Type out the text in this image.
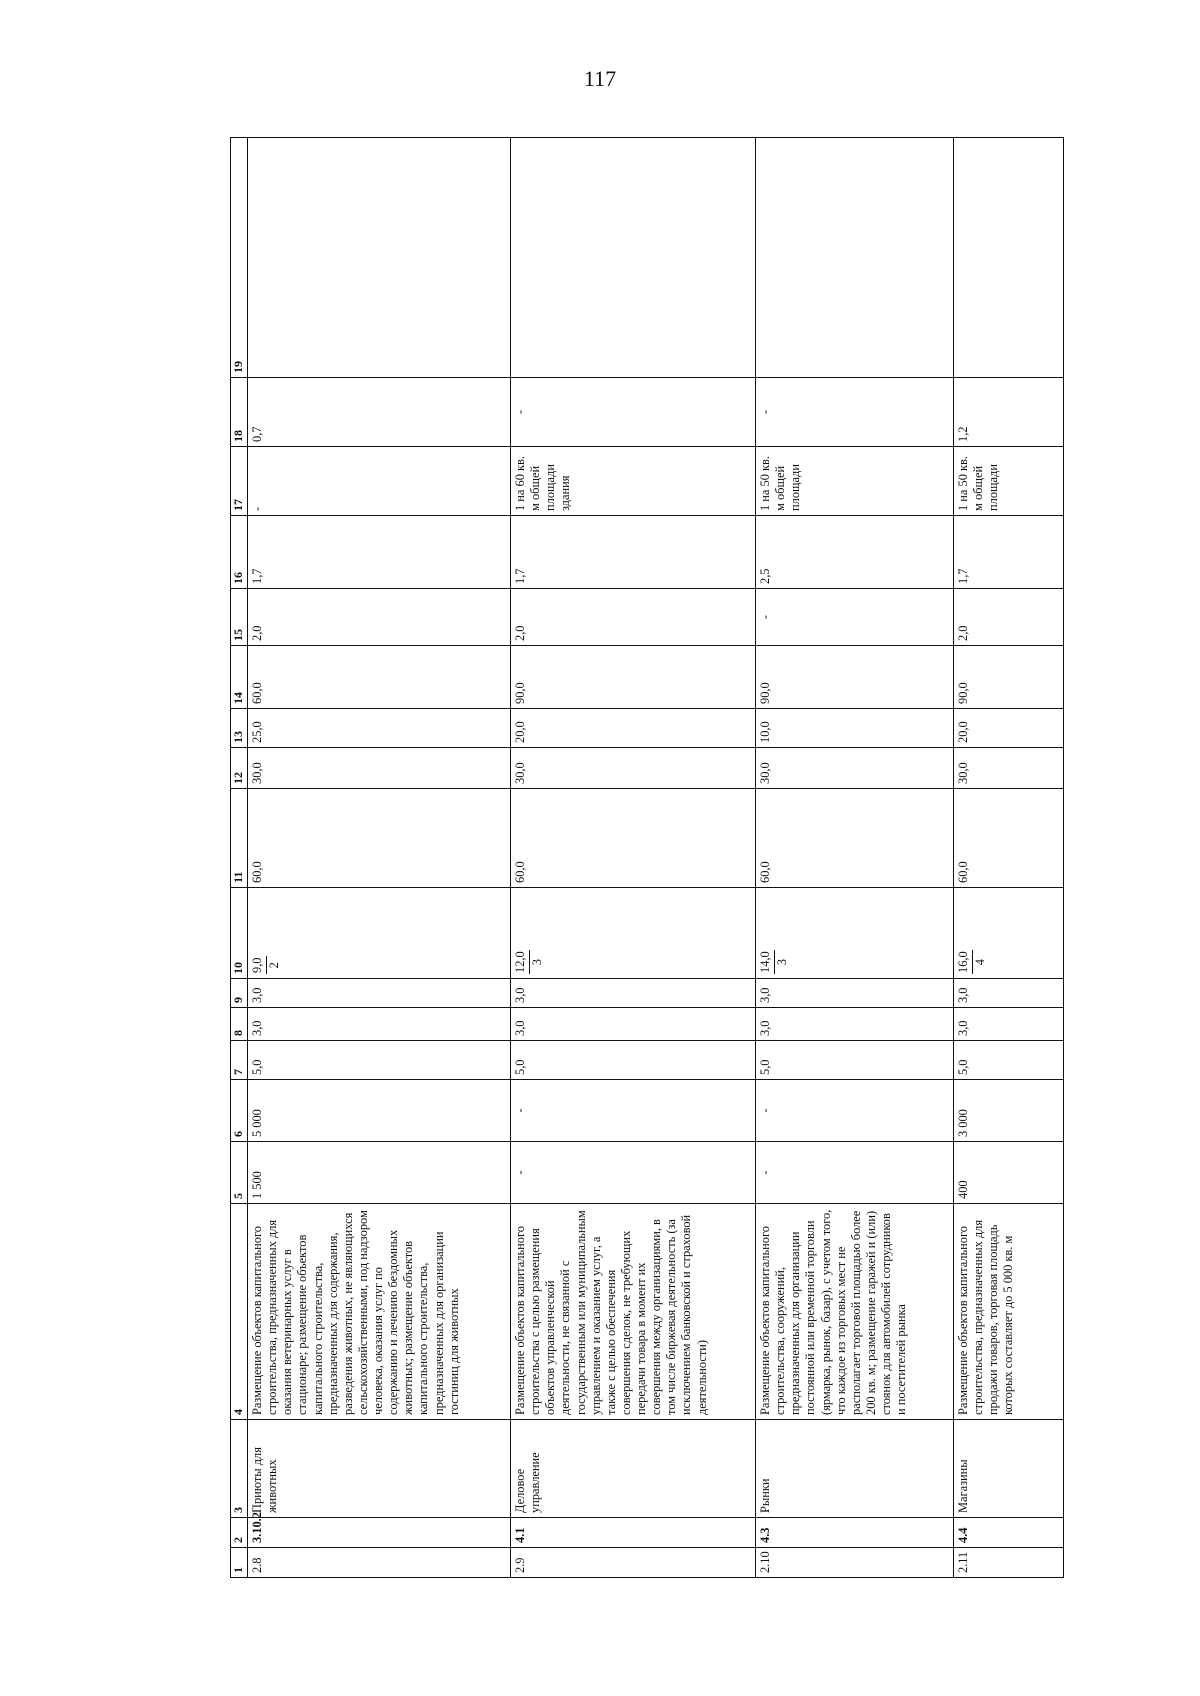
117
1	2	3	4	5	6	7	8	9	10	11	12	13	14	15	16	17	18	19
2.8	3.10.2	Приюты для животных	Размещение объектов капитального строительства, предназначенных для оказания ветеринарных услуг в стационаре; размещение объектов капитального строительства, предназначенных для содержания, разведения животных, не являющихся сельскохозяйственными, под надзором человека, оказания услуг по содержанию и лечению бездомных животных; размещение объектов капитального строительства, предназначенных для организации гостиниц для животных	1 500	5 000	5,0	3,0	3,0	9,0 2	60,0	30,0	25,0	60,0	2,0	1,7	-	0,7	
2.9	4.1	Деловое управление	Размещение объектов капитального строительства с целью размещения объектов управленческой деятельности, не связанной с государственным или муниципальным управлением и оказанием услуг, а также с целью обеспечения совершения сделок, не требующих передачи товара в момент их совершения между организациями, в том числе биржевая деятельность (за исключением банковской и страховой деятельности)	-	-	5,0	3,0	3,0	12,0 3	60,0	30,0	20,0	90,0	2,0	1,7	1 на 60 кв. м общей площади здания	-	
2.10	4.3	Рынки	Размещение объектов капитального строительства, сооружений, предназначенных для организации постоянной или временной торговли (ярмарка, рынок, базар), с учетом того, что каждое из торговых мест не располагает торговой площадью более 200 кв. м; размещение гаражей и (или) стоянок для автомобилей сотрудников и посетителей рынка	-	-	5,0	3,0	3,0	14,0 3	60,0	30,0	10,0	90,0	-	2,5	1 на 50 кв. м общей площади	-	
2.11	4.4	Магазины	Размещение объектов капитального строительства, предназначенных для продажи товаров, торговая площадь которых составляет до 5 000 кв. м	400	3 000	5,0	3,0	3,0	16,0 4	60,0	30,0	20,0	90,0	2,0	1,7	1 на 50 кв. м общей площади	1,2	
